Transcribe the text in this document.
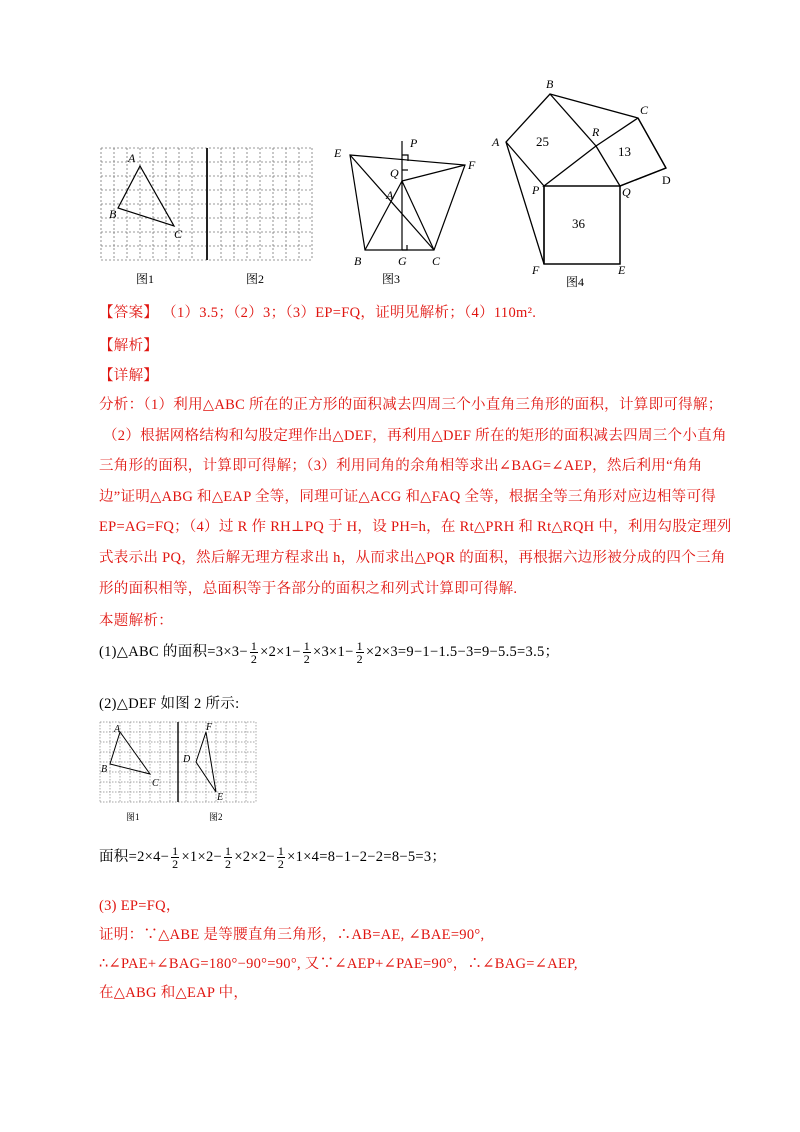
A
B
C
图1	图2
P
E
Q
F
A
B	G C
图3
B
C
A
R
P	Q
D
F	E
25
13
36
图4
【答案】 （1）3.5；（2）3；（3）EP=FQ，证明见解析；（4）110m².
【解析】
【详解】
分析：（1）利用△ABC 所在的正方形的面积减去四周三个小直角三角形的面积，计算即可得解；
（2）根据网格结构和勾股定理作出△DEF，再利用△DEF 所在的矩形的面积减去四周三个小直角
三角形的面积，计算即可得解；（3）利用同角的余角相等求出∠BAG=∠AEP，然后利用“角角
边”证明△ABG 和△EAP 全等，同理可证△ACG 和△FAQ 全等，根据全等三角形对应边相等可得
EP=AG=FQ；（4）过 R 作 RH⊥PQ 于 H，设 PH=h，在 Rt△PRH 和 Rt△RQH 中，利用勾股定理列
式表示出 PQ，然后解无理方程求出 h，从而求出△PQR 的面积，再根据六边形被分成的四个三角
形的面积相等，总面积等于各部分的面积之和列式计算即可得解.
本题解析：
(1)△ABC 的面积$=3\times 3- \frac{1}{2} \times 2\times 1- \frac{1}{2} \times 3\times 1- \frac{1}{2} \times 2\times 3=9-1-1.5-3=9-5.5=3.5$；
(2)△DEF 如图 2 所示:
A
B
C
D
F
E
图1	图2
面积$=2\times 4- \frac{1}{2} \times 1\times 2- \frac{1}{2} \times 2\times 2- \frac{1}{2} \times 1\times 4=8-1-2-2=8-5=3$；
(3) EP=FQ，
证明：∵△ABE 是等腰直角三角形，∴AB=AE, ∠BAE=90°,
∴∠PAE+∠BAG=180°−90°=90°, 又∵∠AEP+∠PAE=90°，∴∠BAG=∠AEP,
在△ABG 和△EAP 中，
